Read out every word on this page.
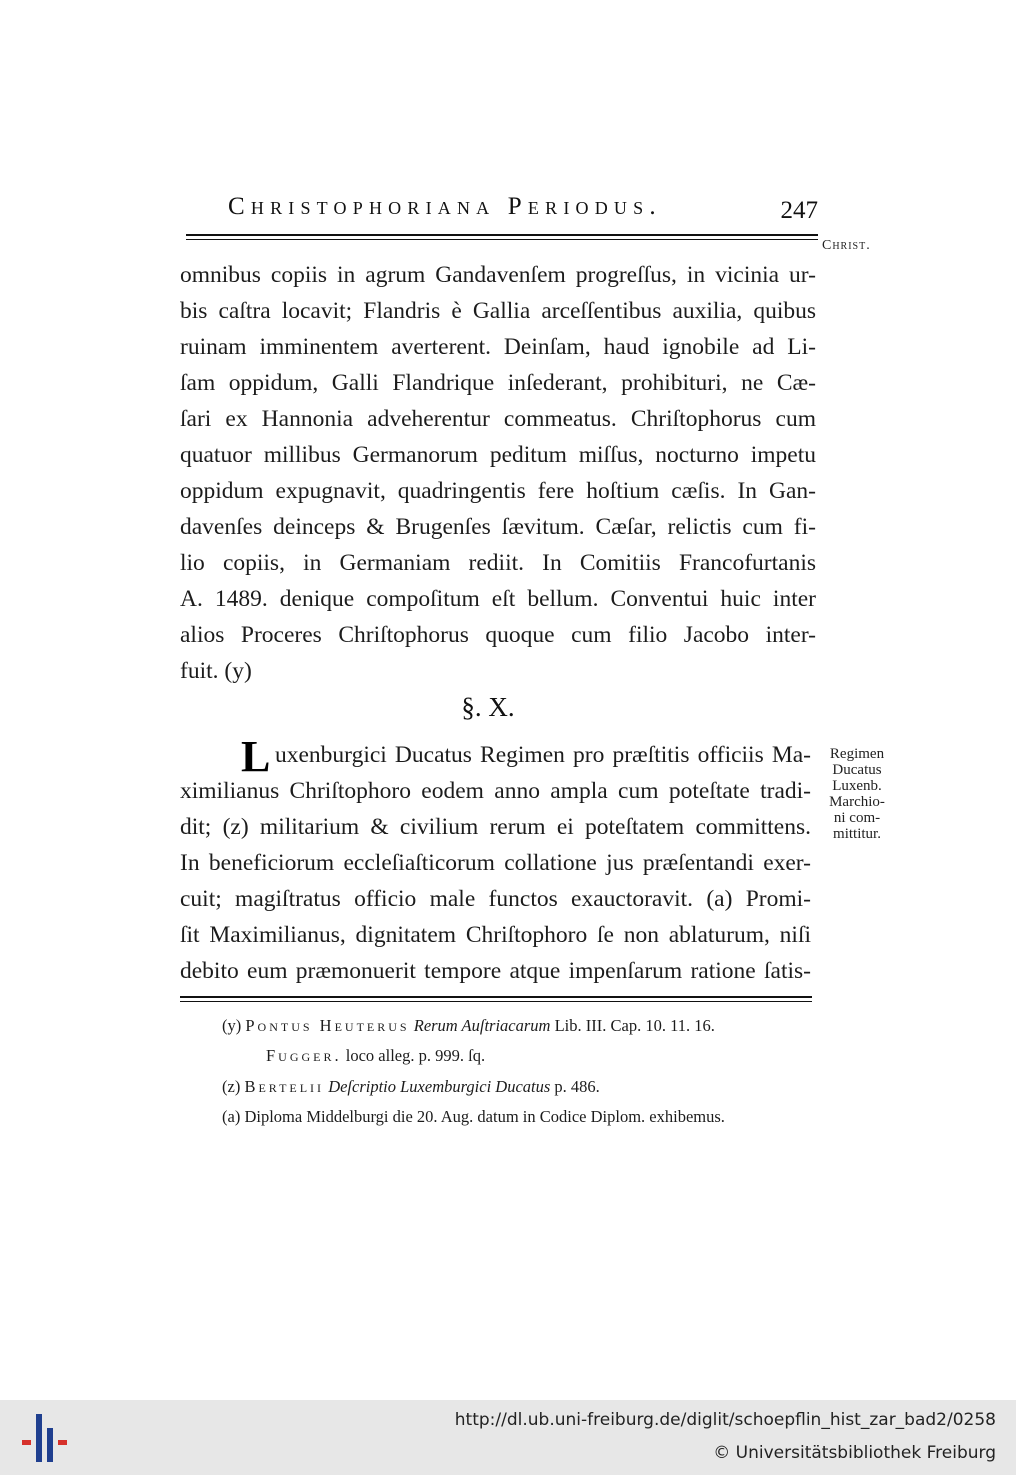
Christophoriana Periodus.	247
Christ.
omnibus copiis in agrum Gandavenſem progreſſus, in vicinia ur-
bis caſtra locavit; Flandris è Gallia arceſſentibus auxilia, quibus
ruinam imminentem averterent. Deinſam, haud ignobile ad Li-
ſam oppidum, Galli Flandrique inſederant, prohibituri, ne Cæ-
ſari ex Hannonia adveherentur commeatus. Chriſtophorus cum
quatuor millibus Germanorum peditum miſſus, nocturno impetu
oppidum expugnavit, quadringentis fere hoſtium cæſis. In Gan-
davenſes deinceps & Brugenſes ſævitum. Cæſar, relictis cum fi-
lio copiis, in Germaniam rediit. In Comitiis Francofurtanis
A. 1489. denique compoſitum eſt bellum. Conventui huic inter
alios Proceres Chriſtophorus quoque cum filio Jacobo inter-
fuit. (y)
§. X.
L uxenburgici Ducatus Regimen pro præſtitis officiis Ma-
ximilianus Chriſtophoro eodem anno ampla cum poteſtate tradi-
dit; (z) militarium & civilium rerum ei poteſtatem committens.
In beneficiorum eccleſiaſticorum collatione jus præſentandi exer-
cuit; magiſtratus officio male functos exauctoravit. (a) Promi-
ſit Maximilianus, dignitatem Chriſtophoro ſe non ablaturum, niſi
debito eum præmonuerit tempore atque impenſarum ratione ſatis-
Regimen
Ducatus
Luxenb.
Marchio-
ni com-
mittitur.
(y) Pontus Heuterus Rerum Auſtriacarum Lib. III. Cap. 10. 11. 16.
Fugger. loco alleg. p. 999. ſq.
(z) Bertelii Deſcriptio Luxemburgici Ducatus p. 486.
(a) Diploma Middelburgi die 20. Aug. datum in Codice Diplom. exhibemus.
http://dl.ub.uni-freiburg.de/diglit/schoepflin_hist_zar_bad2/0258
© Universitätsbibliothek Freiburg
